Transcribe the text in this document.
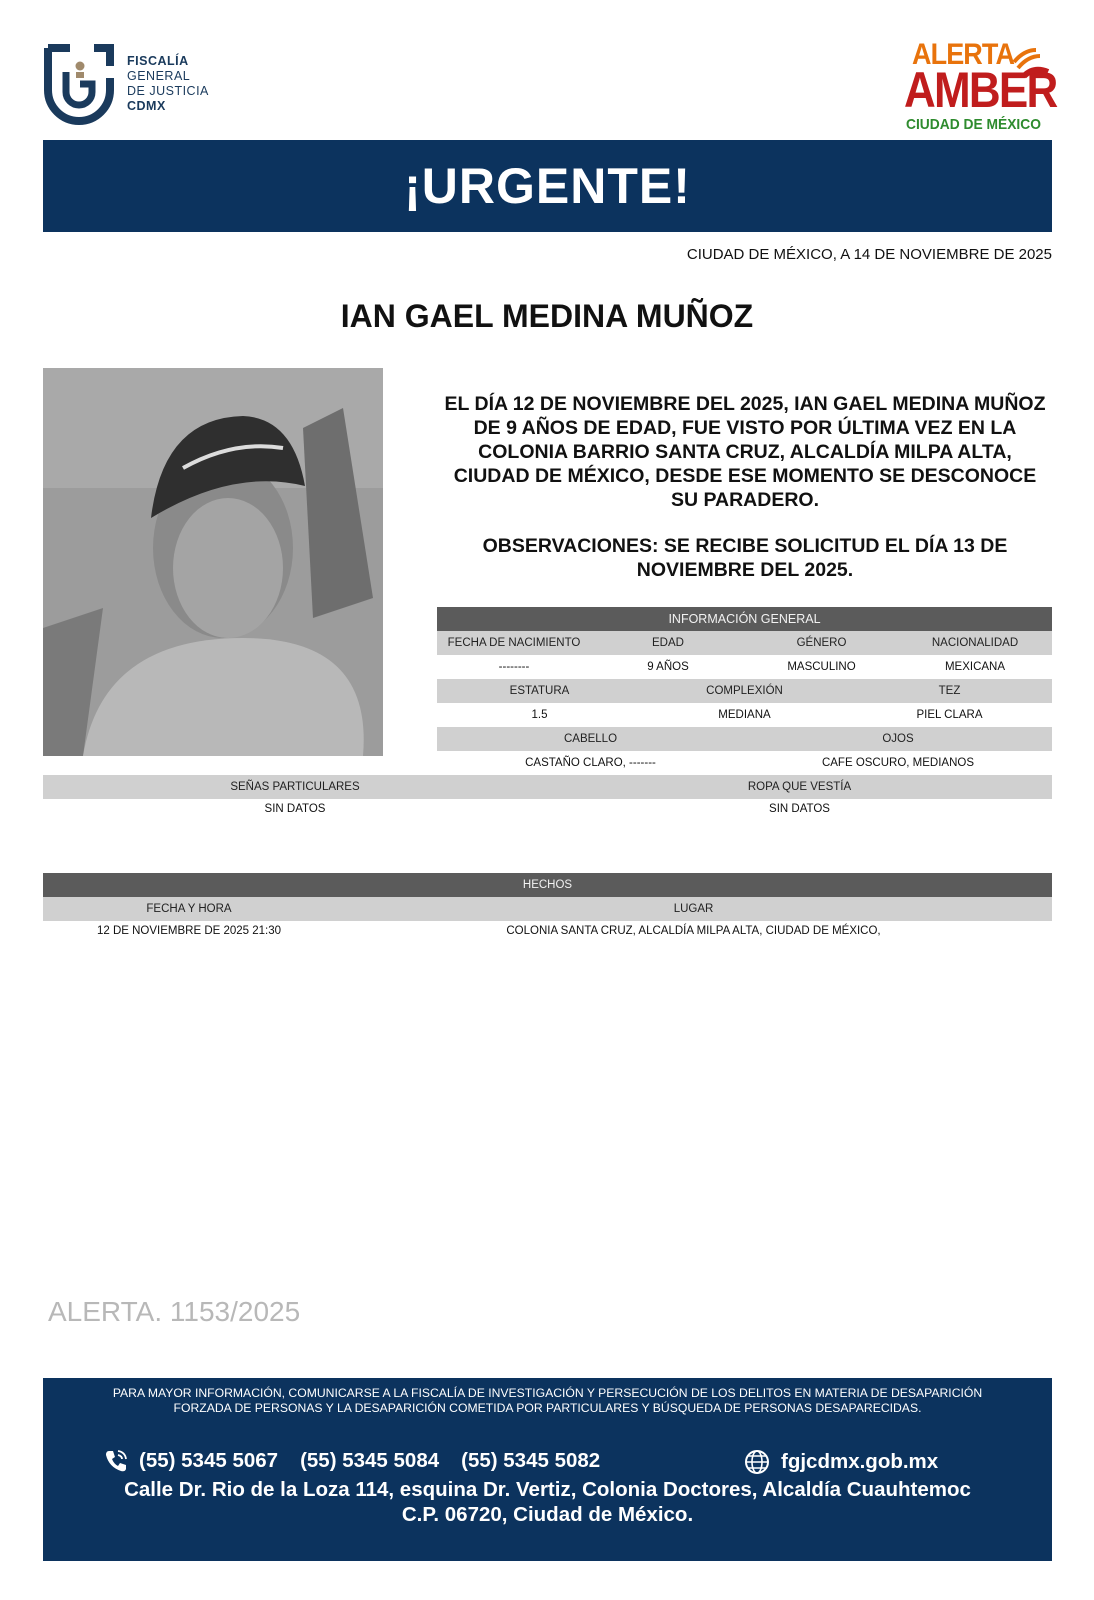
FISCALÍA
GENERAL
DE JUSTICIA
CDMX
ALERTA
AMBER
CIUDAD DE MÉXICO
¡URGENTE!
CIUDAD DE MÉXICO, A 14 DE NOVIEMBRE DE 2025
IAN GAEL MEDINA MUÑOZ
EL DÍA 12 DE NOVIEMBRE DEL 2025, IAN GAEL MEDINA MUÑOZ DE 9 AÑOS DE EDAD, FUE VISTO POR ÚLTIMA VEZ EN LA COLONIA BARRIO SANTA CRUZ, ALCALDÍA MILPA ALTA, CIUDAD DE MÉXICO, DESDE ESE MOMENTO SE DESCONOCE SU PARADERO.
OBSERVACIONES: SE RECIBE SOLICITUD EL DÍA 13 DE NOVIEMBRE DEL 2025.
INFORMACIÓN GENERAL
FECHA DE NACIMIENTO	EDAD	GÉNERO	NACIONALIDAD
--------	9 AÑOS	MASCULINO	MEXICANA
ESTATURA	COMPLEXIÓN	TEZ
1.5	MEDIANA	PIEL CLARA
CABELLO	OJOS
CASTAÑO CLARO, -------	CAFE OSCURO, MEDIANOS
SEÑAS PARTICULARES	ROPA QUE VESTÍA
SIN DATOS	SIN DATOS
HECHOS
FECHA Y HORA	LUGAR
12 DE NOVIEMBRE DE 2025 21:30	COLONIA SANTA CRUZ, ALCALDÍA MILPA ALTA, CIUDAD DE MÉXICO,
ALERTA. 1153/2025
PARA MAYOR INFORMACIÓN, COMUNICARSE A LA FISCALÍA DE INVESTIGACIÓN Y PERSECUCIÓN DE LOS DELITOS EN MATERIA DE DESAPARICIÓN
FORZADA DE PERSONAS Y LA DESAPARICIÓN COMETIDA POR PARTICULARES Y BÚSQUEDA DE PERSONAS DESAPARECIDAS.
(55) 5345 5067 (55) 5345 5084 (55) 5345 5082	fgjcdmx.gob.mx
Calle Dr. Rio de la Loza 114, esquina Dr. Vertiz, Colonia Doctores, Alcaldía Cuauhtemoc
C.P. 06720, Ciudad de México.
